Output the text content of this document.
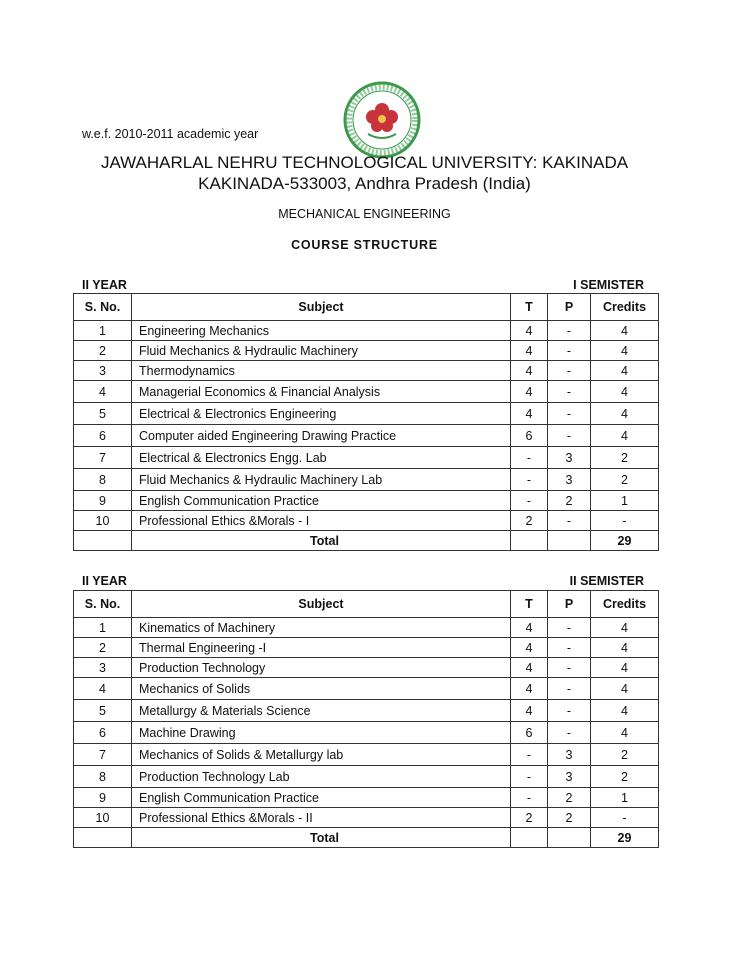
w.e.f. 2010-2011 academic year
JAWAHARLAL NEHRU TECHNOLOGICAL UNIVERSITY: KAKINADA
KAKINADA-533003, Andhra Pradesh (India)
MECHANICAL ENGINEERING
COURSE STRUCTURE
II YEAR	I SEMISTER
S. No.	Subject	T	P	Credits
1	Engineering Mechanics	4	-	4
2	Fluid Mechanics & Hydraulic Machinery	4	-	4
3	Thermodynamics	4	-	4
4	Managerial Economics & Financial Analysis	4	-	4
5	Electrical & Electronics Engineering	4	-	4
6	Computer aided Engineering Drawing Practice	6	-	4
7	Electrical & Electronics Engg. Lab	-	3	2
8	Fluid Mechanics & Hydraulic Machinery Lab	-	3	2
9	English Communication Practice	-	2	1
10	Professional Ethics &Morals - I	2	-	-
	Total			29
II YEAR	II SEMISTER
S. No.	Subject	T	P	Credits
1	Kinematics of Machinery	4	-	4
2	Thermal Engineering -I	4	-	4
3	Production Technology	4	-	4
4	Mechanics of Solids	4	-	4
5	Metallurgy & Materials Science	4	-	4
6	Machine Drawing	6	-	4
7	Mechanics of Solids & Metallurgy lab	-	3	2
8	Production Technology Lab	-	3	2
9	English Communication Practice	-	2	1
10	Professional Ethics &Morals - II	2	2	-
	Total			29
